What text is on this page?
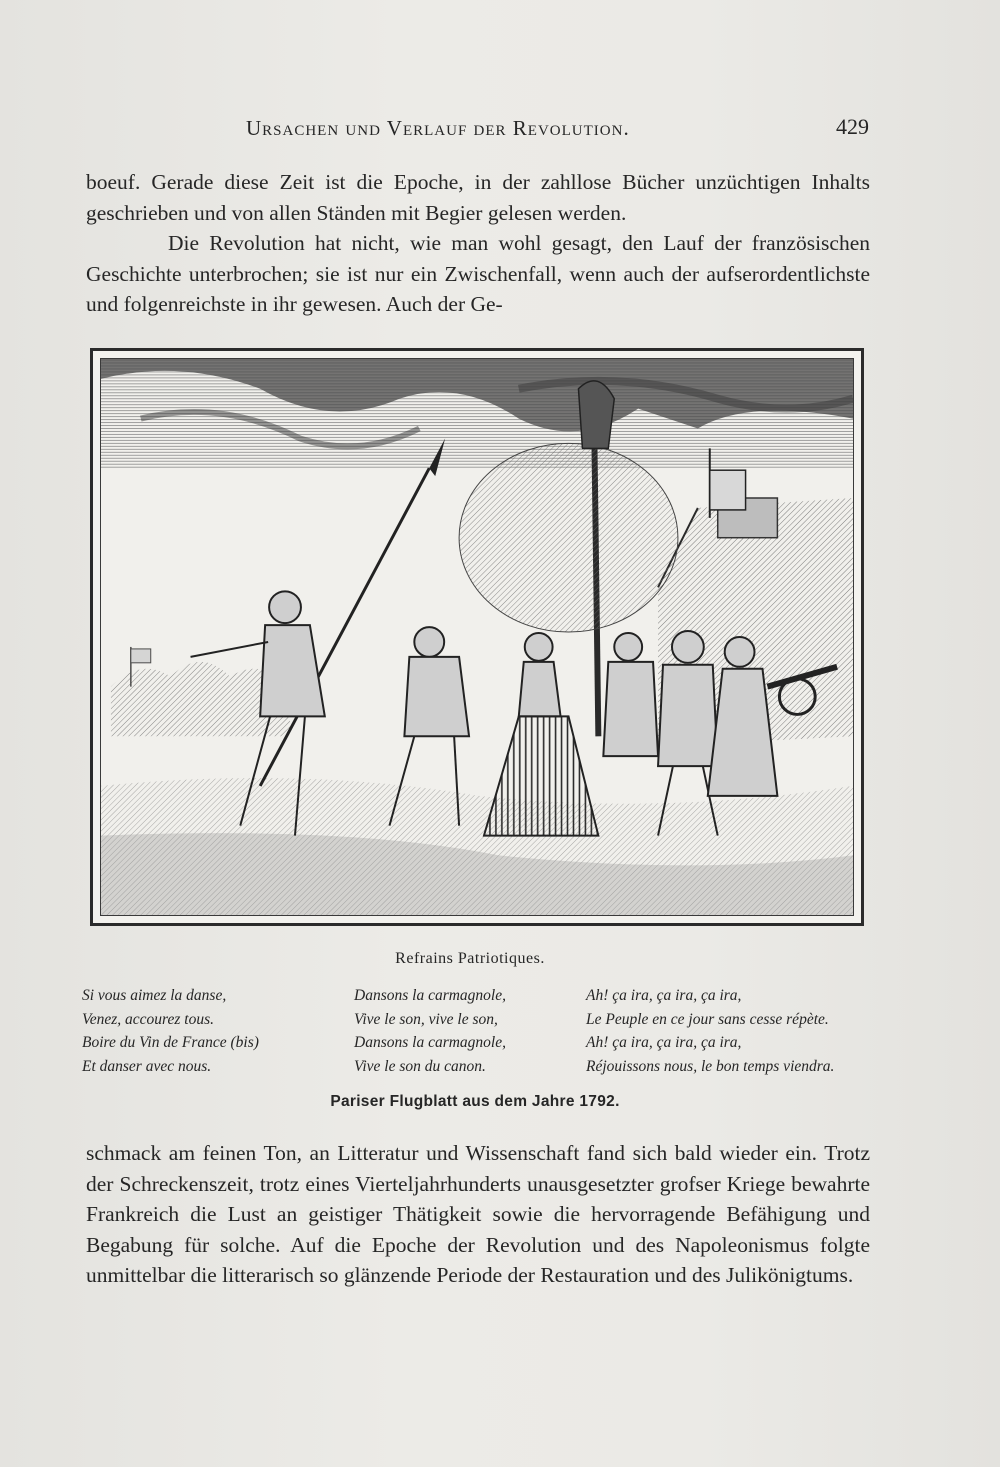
Ursachen und Verlauf der Revolution.	429

boeuf. Gerade diese Zeit ist die Epoche, in der zahllose Bücher unzüchtigen Inhalts geschrieben und von allen Ständen mit Begier gelesen werden.

Die Revolution hat nicht, wie man wohl gesagt, den Lauf der französischen Geschichte unterbrochen; sie ist nur ein Zwischenfall, wenn auch der aufserordentlichste und folgenreichste in ihr gewesen. Auch der Ge-

Refrains Patriotiques.
Si vous aimez la danse,
Venez, accourez tous.
Boire du Vin de France (bis)
Et danser avec nous.
Dansons la carmagnole,
Vive le son, vive le son,
Dansons la carmagnole,
Vive le son du canon.
Ah! ça ira, ça ira, ça ira,
Le Peuple en ce jour sans cesse répète.
Ah! ça ira, ça ira, ça ira,
Réjouissons nous, le bon temps viendra.
Pariser Flugblatt aus dem Jahre 1792.

schmack am feinen Ton, an Litteratur und Wissenschaft fand sich bald wieder ein. Trotz der Schreckenszeit, trotz eines Vierteljahrhunderts unausgesetzter grofser Kriege bewahrte Frankreich die Lust an geistiger Thätigkeit sowie die hervorragende Befähigung und Begabung für solche. Auf die Epoche der Revolution und des Napoleonismus folgte unmittelbar die litterarisch so glänzende Periode der Restauration und des Julikönigtums.
